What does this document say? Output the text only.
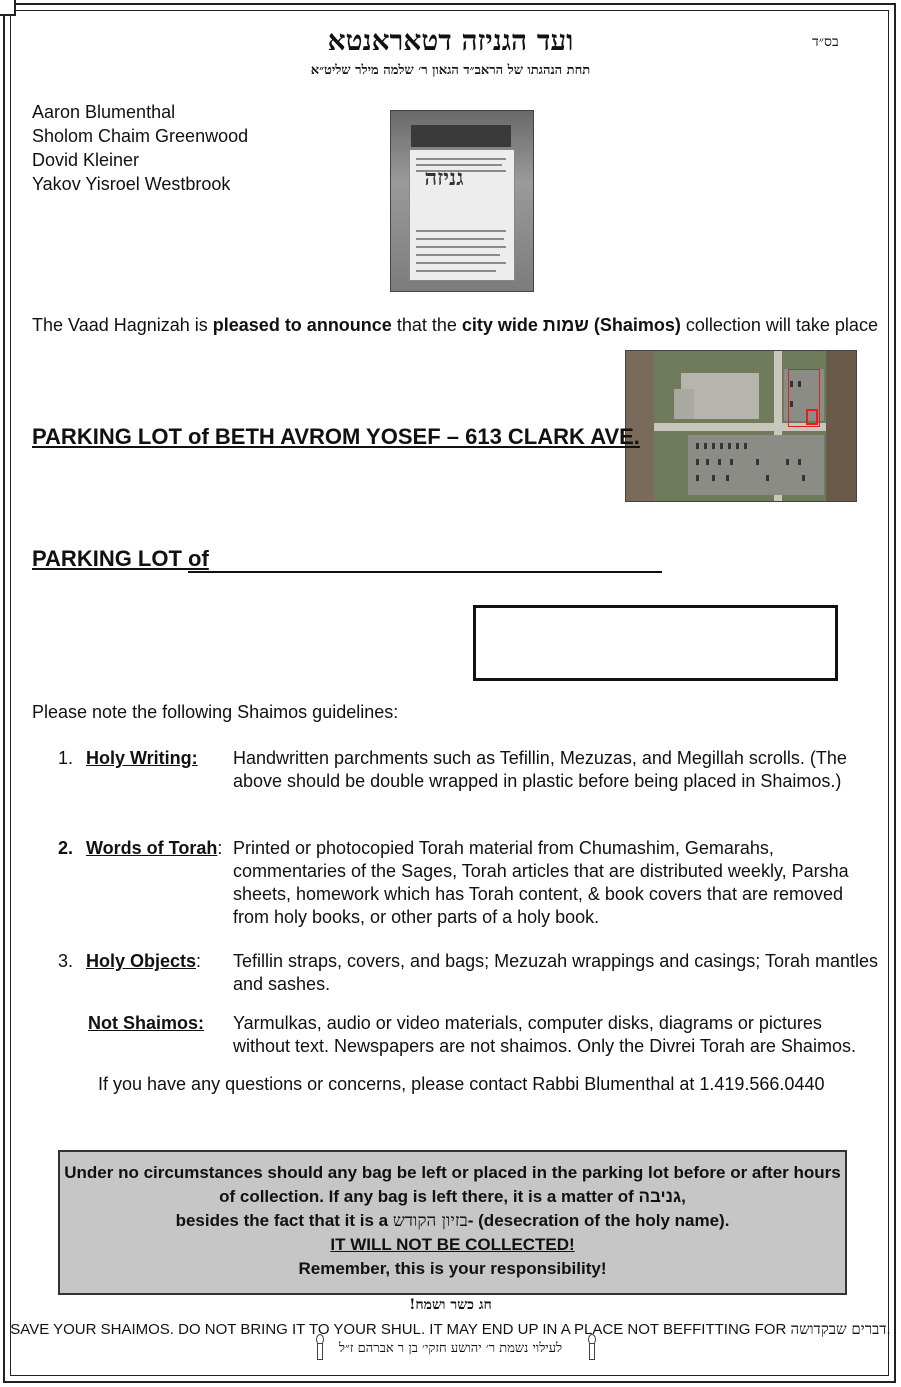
ועד הגניזה דטאראנטא
תחת הנהגתו של הראב״ד הגאון ר׳ שלמה מילר שליט״א
בס״ד
Aaron Blumenthal
Sholom Chaim Greenwood
Dovid Kleiner
Yakov Yisroel Westbrook	גניזה
The Vaad Hagnizah is pleased to announce that the city wide שמות (Shaimos) collection will take place
PARKING LOT of BETH AVROM YOSEF – 613 CLARK AVE.
PARKING LOT of
Please note the following Shaimos guidelines:
1. Holy Writing: Handwritten parchments such as Tefillin, Mezuzas, and Megillah scrolls. (The above should be double wrapped in plastic before being placed in Shaimos.)
2. Words of Torah: Printed or photocopied Torah material from Chumashim, Gemarahs, commentaries of the Sages, Torah articles that are distributed weekly, Parsha sheets, homework which has Torah content, & book covers that are removed from holy books, or other parts of a holy book.
3. Holy Objects: Tefillin straps, covers, and bags; Mezuzah wrappings and casings; Torah mantles and sashes.
Not Shaimos: Yarmulkas, audio or video materials, computer disks, diagrams or pictures without text. Newspapers are not shaimos. Only the Divrei Torah are Shaimos.
If you have any questions or concerns, please contact Rabbi Blumenthal at 1.419.566.0440
Under no circumstances should any bag be left or placed in the parking lot before or after hours
of collection. If any bag is left there, it is a matter of גניבה,
besides the fact that it is a בזיון הקודש- (desecration of the holy name).
IT WILL NOT BE COLLECTED!
Remember, this is your responsibility!
חג כשר ושמח!
SAVE YOUR SHAIMOS. DO NOT BRING IT TO YOUR SHUL. IT MAY END UP IN A PLACE NOT BEFFITTING FOR דברים שבקדושה.
לעילוי נשמת ר׳ יהושע חזקי׳ בן ר אברהם ז״ל
